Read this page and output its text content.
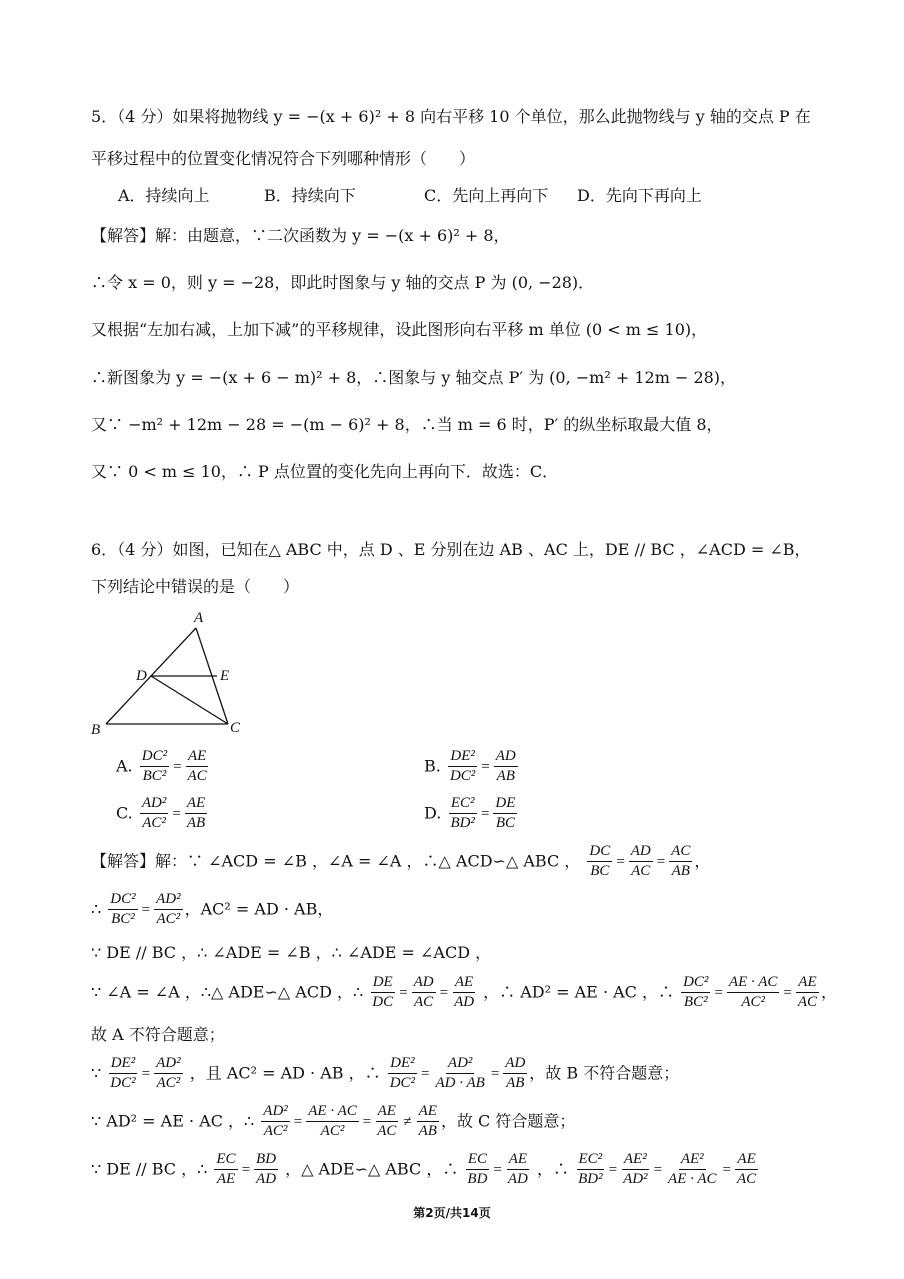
5．（4 分）如果将抛物线 y = −(x + 6)² + 8 向右平移 10 个单位，那么此抛物线与 y 轴的交点 P 在
平移过程中的位置变化情况符合下列哪种情形（　　）
A．持续向上	B．持续向下	C．先向上再向下 D．先向下再向上
【解答】解：由题意，∵二次函数为 y = −(x + 6)² + 8，
∴令 x = 0，则 y = −28，即此时图象与 y 轴的交点 P 为 (0, −28)．
又根据“左加右减，上加下减”的平移规律，设此图形向右平移 m 单位 (0 < m ≤ 10)，
∴新图象为 y = −(x + 6 − m)² + 8，∴图象与 y 轴交点 P′ 为 (0, −m² + 12m − 28)，
又∵ −m² + 12m − 28 = −(m − 6)² + 8，∴当 m = 6 时，P′ 的纵坐标取最大值 8，
又∵ 0 < m ≤ 10，∴ P 点位置的变化先向上再向下．故选：C．
6．（4 分）如图，已知在△ ABC 中，点 D 、E 分别在边 AB 、AC 上，DE // BC ，∠ACD = ∠B，
下列结论中错误的是（　　）
A
D	E
B	C
A. $\frac{\text{DC²}}{\text{BC²}} = \frac{AE}{AC}$	B. $\frac{\text{DE²}}{\text{DC²}} = \frac{AD}{AB}$
C. $\frac{\text{AD²}}{\text{AC²}} = \frac{AE}{AB}$	D. $\frac{\text{EC²}}{\text{BD²}} = \frac{DE}{BC}$
【解答】解：∵ ∠ACD = ∠B ，∠A = ∠A ，∴△ ACD∽△ ABC ， $\frac{DC}{BC} = \frac{AD}{AC} = \frac{AC}{AB}$ ，
∴ $\frac{\text{DC²}}{\text{BC²}} = \frac{\text{AD²}}{\text{AC²}}$ ，AC² = AD · AB，
∵ DE // BC ，∴ ∠ADE = ∠B ，∴ ∠ADE = ∠ACD ，
∵ ∠A = ∠A ，∴△ ADE∽△ ACD ，∴ $\frac{DE}{DC} = \frac{AD}{AC} = \frac{AE}{AD}$ ，∴ AD² = AE · AC ，∴ $\frac{\text{DC²}}{\text{BC²}} = \frac{AE \cdot AC}{\text{AC²}} = \frac{AE}{AC}$ ，
故 A 不符合题意；
∵ $\frac{\text{DE²}}{\text{DC²}} = \frac{\text{AD²}}{\text{AC²}}$ ，且 AC² = AD · AB ，∴ $\frac{\text{DE²}}{\text{DC²}} = \frac{\text{AD²}}{AD \cdot AB} = \frac{AD}{AB}$ ，故 B 不符合题意；
∵ AD² = AE · AC ，∴ $\frac{\text{AD²}}{\text{AC²}} = \frac{AE \cdot AC}{\text{AC²}} = \frac{AE}{AC} \ne \frac{AE}{AB}$ ，故 C 符合题意；
∵ DE // BC ，∴ $\frac{EC}{AE} = \frac{BD}{AD}$ ，△ ADE∽△ ABC ，∴ $\frac{EC}{BD} = \frac{AE}{AD}$ ，∴ $\frac{\text{EC²}}{\text{BD²}} = \frac{\text{AE²}}{\text{AD²}} = \frac{\text{AE²}}{AE \cdot AC} = \frac{AE}{AC}$
第2页/共14页
